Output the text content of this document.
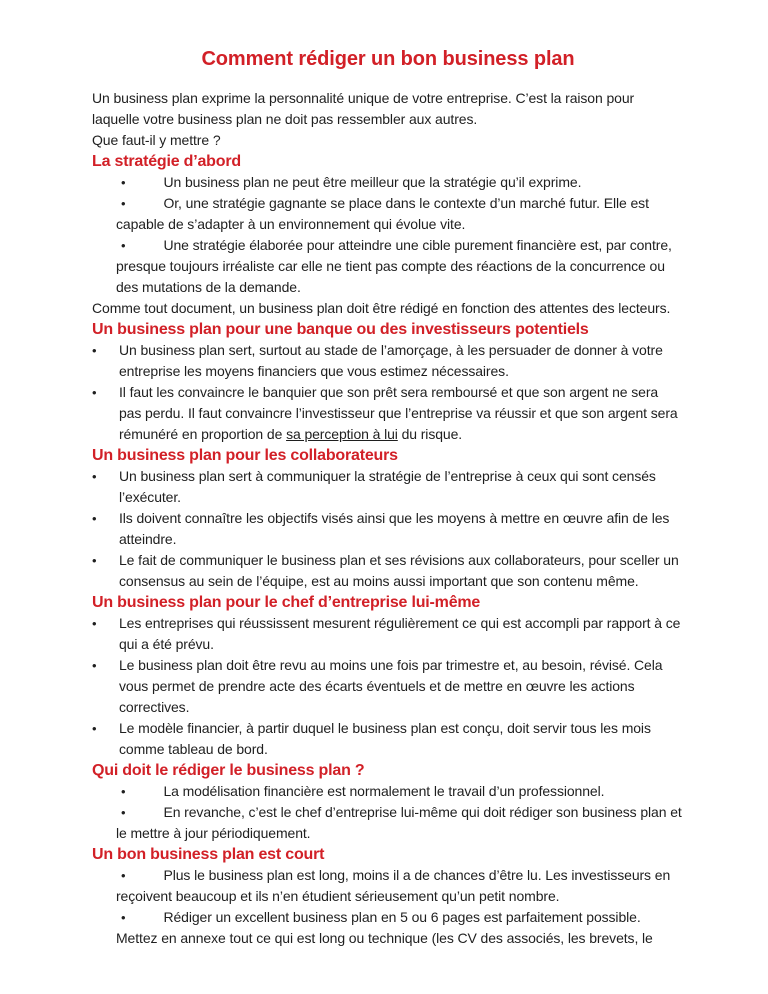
Comment rédiger un bon business plan

Un business plan exprime la personnalité unique de votre entreprise. C’est la raison pour laquelle votre business plan ne doit pas ressembler aux autres.

Que faut-il y mettre ?

La stratégie d’abord

•	Un business plan ne peut être meilleur que la stratégie qu’il exprime.

•	Or, une stratégie gagnante se place dans le contexte d’un marché futur. Elle est capable de s’adapter à un environnement qui évolue vite.

•	Une stratégie élaborée pour atteindre une cible purement financière est, par contre, presque toujours irréaliste car elle ne tient pas compte des réactions de la concurrence ou des mutations de la demande.

Comme tout document, un business plan doit être rédigé en fonction des attentes des lecteurs.

Un business plan pour une banque ou des investisseurs potentiels

• Un business plan sert, surtout au stade de l’amorçage, à les persuader de donner à votre entreprise les moyens financiers que vous estimez nécessaires.

• Il faut les convaincre le banquier que son prêt sera remboursé et que son argent ne sera pas perdu. Il faut convaincre l’investisseur que l’entreprise va réussir et que son argent sera rémunéré en proportion de sa perception à lui du risque.

Un business plan pour les collaborateurs

• Un business plan sert à communiquer la stratégie de l’entreprise à ceux qui sont censés l’exécuter.

• Ils doivent connaître les objectifs visés ainsi que les moyens à mettre en œuvre afin de les atteindre.

• Le fait de communiquer le business plan et ses révisions aux collaborateurs, pour sceller un consensus au sein de l’équipe, est au moins aussi important que son contenu même.

Un business plan pour le chef d’entreprise lui-même

• Les entreprises qui réussissent mesurent régulièrement ce qui est accompli par rapport à ce qui a été prévu.

• Le business plan doit être revu au moins une fois par trimestre et, au besoin, révisé. Cela vous permet de prendre acte des écarts éventuels et de mettre en œuvre les actions correctives.

• Le modèle financier, à partir duquel le business plan est conçu, doit servir tous les mois comme tableau de bord.

Qui doit le rédiger le business plan ?

•	La modélisation financière est normalement le travail d’un professionnel.

•	En revanche, c’est le chef d’entreprise lui-même qui doit rédiger son business plan et le mettre à jour périodiquement.

Un bon business plan est court

•	Plus le business plan est long, moins il a de chances d’être lu. Les investisseurs en reçoivent beaucoup et ils n’en étudient sérieusement qu’un petit nombre.

•	Rédiger un excellent business plan en 5 ou 6 pages est parfaitement possible. Mettez en annexe tout ce qui est long ou technique (les CV des associés, les brevets, le
